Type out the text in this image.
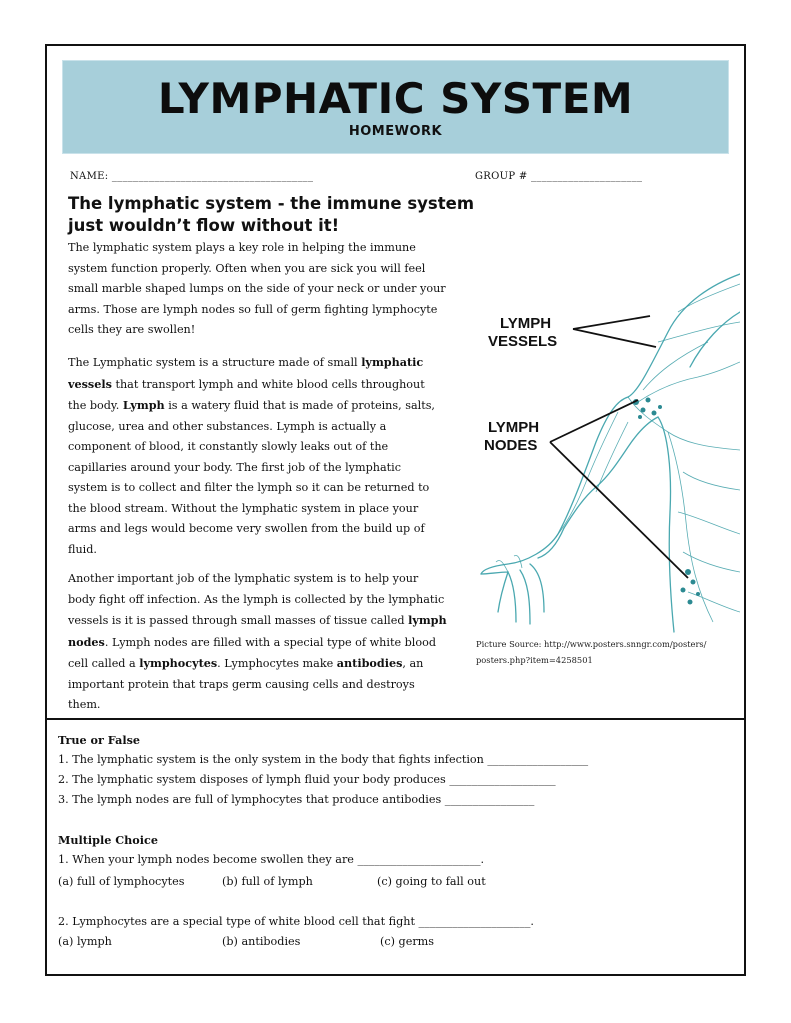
LYMPHATIC SYSTEM
HOMEWORK
NAME: ______________________________________	GROUP # _____________________
The lymphatic system - the immune system
just wouldn’t flow without it!
The lymphatic system plays a key role in helping the immune
system function properly. Often when you are sick you will feel
small marble shaped lumps on the side of your neck or under your
arms. Those are lymph nodes so full of germ fighting lymphocyte
cells they are swollen!
The Lymphatic system is a structure made of small lymphatic
vessels that transport lymph and white blood cells throughout
the body. Lymph is a watery fluid that is made of proteins, salts,
glucose, urea and other substances. Lymph is actually a
component of blood, it constantly slowly leaks out of the
capillaries around your body. The first job of the lymphatic
system is to collect and filter the lymph so it can be returned to
the blood stream. Without the lymphatic system in place your
arms and legs would become very swollen from the build up of
fluid.
Another important job of the lymphatic system is to help your
body fight off infection. As the lymph is collected by the lymphatic
vessels is it is passed through small masses of tissue called lymph
nodes. Lymph nodes are filled with a special type of white blood
cell called a lymphocytes. Lymphocytes make antibodies, an
important protein that traps germ causing cells and destroys
them.
LYMPH
VESSELS
LYMPH
NODES
Picture Source: http://www.posters.snngr.com/posters/
posters.php?item=4258501
True or False
1. The lymphatic system is the only system in the body that fights infection __________________
2. The lymphatic system disposes of lymph fluid your body produces ___________________
3. The lymph nodes are full of lymphocytes that produce antibodies ________________
Multiple Choice
1. When your lymph nodes become swollen they are ______________________.
(a) full of lymphocytes	(b) full of lymph	(c) going to fall out
2. Lymphocytes are a special type of white blood cell that fight ____________________.
(a) lymph	(b) antibodies	(c) germs
